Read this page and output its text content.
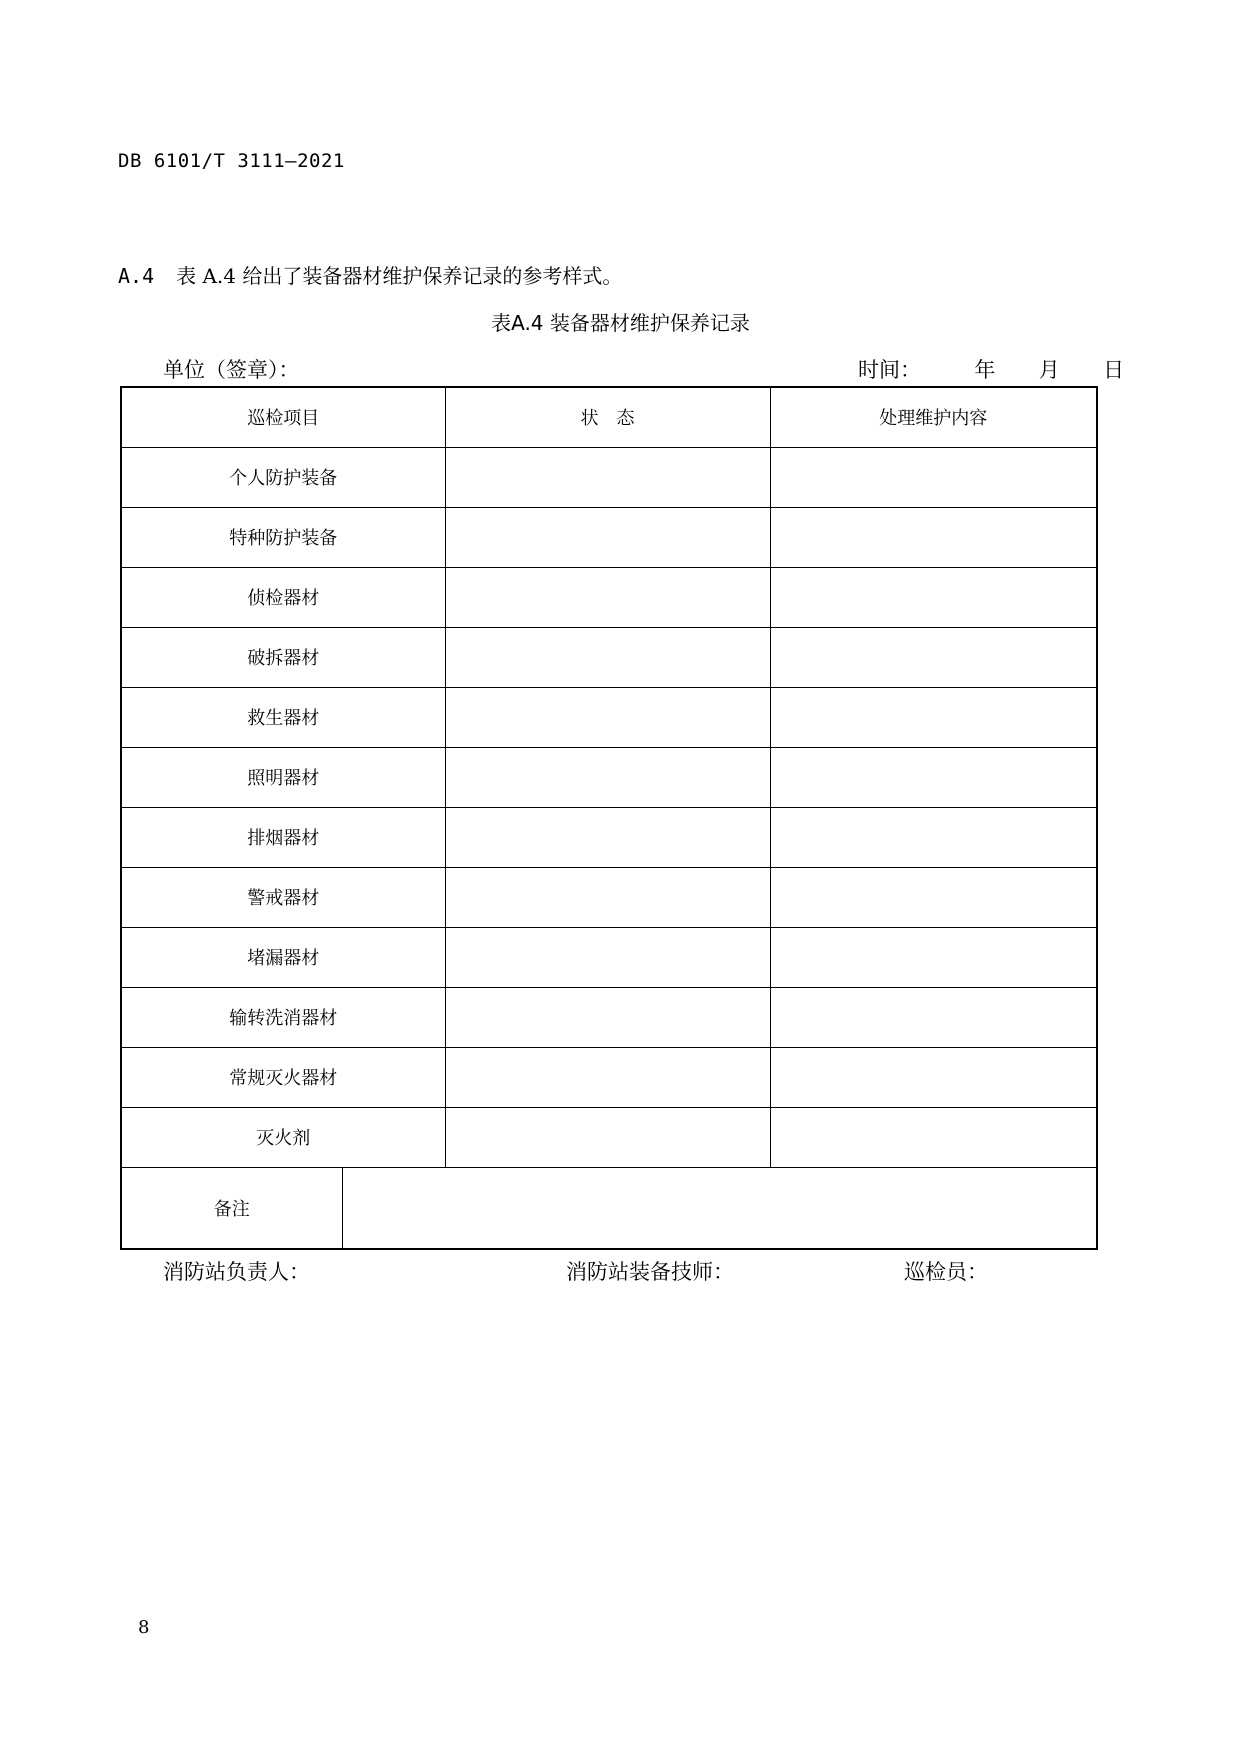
DB 6101/T 3111—2021
A.4 表 A.4 给出了装备器材维护保养记录的参考样式。
表A.4 装备器材维护保养记录
单位（签章）：	时间：	年 月 日
巡检项目		状　态	处理维护内容
个人防护装备			
特种防护装备			
侦检器材			
破拆器材			
救生器材			
照明器材			
排烟器材			
警戒器材			
堵漏器材			
输转洗消器材			
常规灭火器材			
灭火剂			
备注			
消防站负责人：	消防站装备技师：	巡检员：
8
